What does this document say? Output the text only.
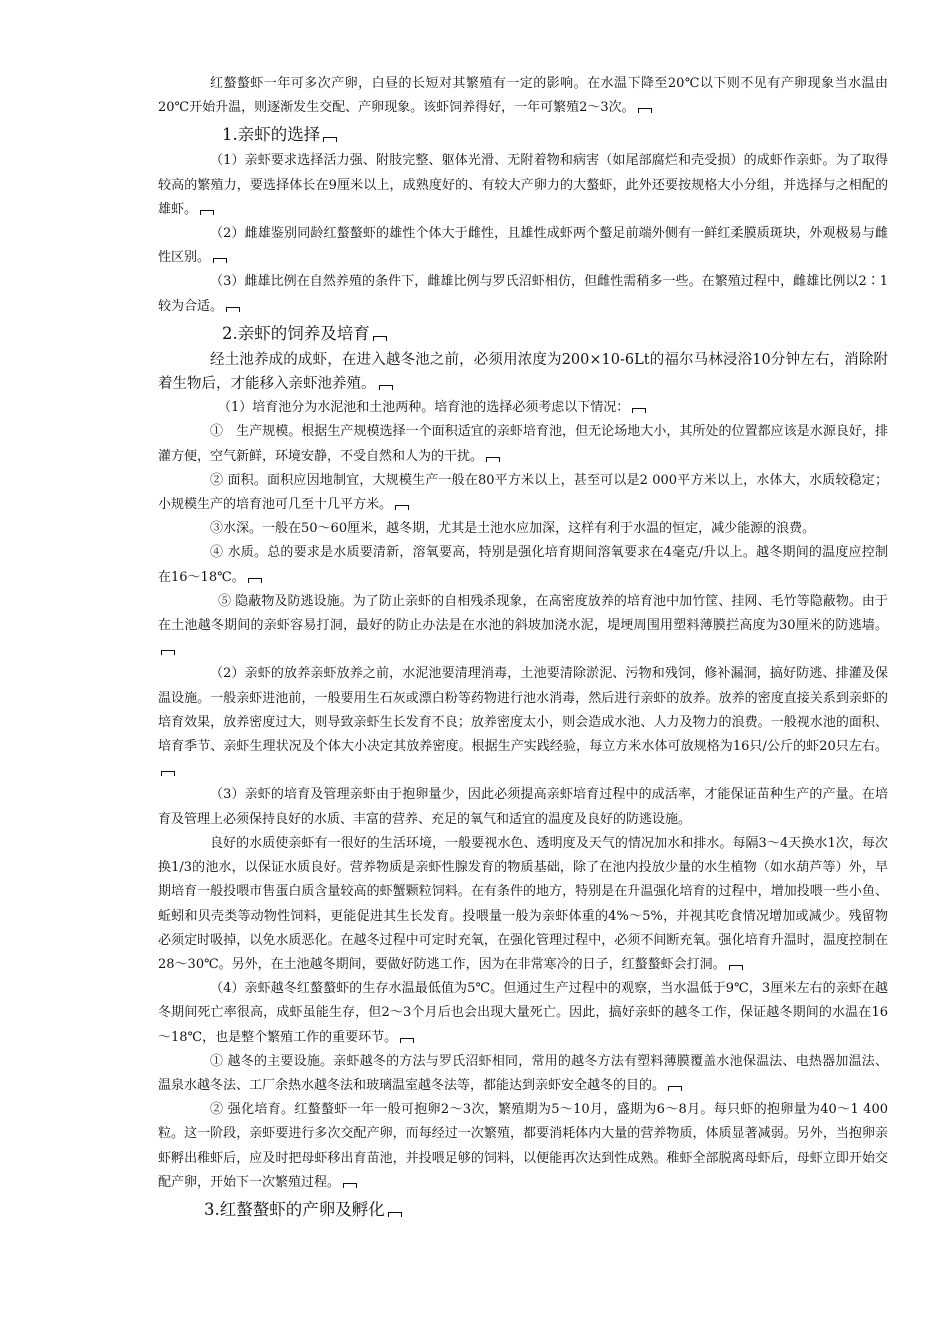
红螯螯虾一年可多次产卵，白昼的长短对其繁殖有一定的影响。在水温下降至20℃以下则不见有产卵现象当水温由20℃开始升温，则逐渐发生交配、产卵现象。该虾饲养得好，一年可繁殖2～3次。

1.亲虾的选择

（1）亲虾要求选择活力强、附肢完整、躯体光滑、无附着物和病害（如尾部腐烂和壳受损）的成虾作亲虾。为了取得较高的繁殖力，要选择体长在9厘米以上，成熟度好的、有较大产卵力的大螯虾，此外还要按规格大小分组，并选择与之相配的雄虾。

（2）雌雄鉴别同龄红螯螯虾的雄性个体大于雌性，且雄性成虾两个螯足前端外侧有一鲜红柔膜质斑块，外观极易与雌性区别。

（3）雌雄比例在自然养殖的条件下，雌雄比例与罗氏沼虾相仿，但雌性需稍多一些。在繁殖过程中，雌雄比例以2∶1较为合适。

2.亲虾的饲养及培育

经土池养成的成虾，在进入越冬池之前，必须用浓度为200×10-6Lt的福尔马林浸浴10分钟左右，消除附着生物后，才能移入亲虾池养殖。

（1）培育池分为水泥池和土池两种。培育池的选择必须考虑以下情况：

①　生产规模。根据生产规模选择一个面积适宜的亲虾培育池，但无论场地大小，其所处的位置都应该是水源良好，排灌方便，空气新鲜，环境安静，不受自然和人为的干扰。

② 面积。面积应因地制宜，大规模生产一般在80平方米以上，甚至可以是2 000平方米以上，水体大，水质较稳定；小规模生产的培育池可几至十几平方米。

③水深。一般在50～60厘米，越冬期，尤其是土池水应加深，这样有利于水温的恒定，减少能源的浪费。

④ 水质。总的要求是水质要清新，溶氧要高，特别是强化培育期间溶氧要求在4毫克/升以上。越冬期间的温度应控制在16～18℃。

⑤ 隐蔽物及防逃设施。为了防止亲虾的自相残杀现象，在高密度放养的培育池中加竹筐、挂网、毛竹等隐蔽物。由于在土池越冬期间的亲虾容易打洞，最好的防止办法是在水池的斜坡加浇水泥，堤埂周围用塑料薄膜拦高度为30厘米的防逃墙。

（2）亲虾的放养亲虾放养之前，水泥池要清理消毒，土池要清除淤泥、污物和残饲，修补漏洞，搞好防逃、排灌及保温设施。一般亲虾进池前，一般要用生石灰或漂白粉等药物进行池水消毒，然后进行亲虾的放养。放养的密度直接关系到亲虾的培育效果，放养密度过大，则导致亲虾生长发育不良；放养密度太小，则会造成水池、人力及物力的浪费。一般视水池的面积、培育季节、亲虾生理状况及个体大小决定其放养密度。根据生产实践经验，每立方米水体可放规格为16只/公斤的虾20只左右。

（3）亲虾的培育及管理亲虾由于抱卵量少，因此必须提高亲虾培育过程中的成活率，才能保证苗种生产的产量。在培育及管理上必须保持良好的水质、丰富的营养、充足的氧气和适宜的温度及良好的防逃设施。

良好的水质使亲虾有一很好的生活环境，一般要视水色、透明度及天气的情况加水和排水。每隔3～4天换水1次，每次换1/3的池水，以保证水质良好。营养物质是亲虾性腺发育的物质基础，除了在池内投放少量的水生植物（如水葫芦等）外，早期培育一般投喂市售蛋白质含量较高的虾蟹颗粒饲料。在有条件的地方，特别是在升温强化培育的过程中，增加投喂一些小鱼、蚯蚓和贝壳类等动物性饲料，更能促进其生长发育。投喂量一般为亲虾体重的4%～5%，并视其吃食情况增加或减少。残留物必须定时吸掉，以免水质恶化。在越冬过程中可定时充氧，在强化管理过程中，必须不间断充氧。强化培育升温时，温度控制在28～30℃。另外，在土池越冬期间，要做好防逃工作，因为在非常寒冷的日子，红螯螯虾会打洞。

（4）亲虾越冬红螯螯虾的生存水温最低值为5℃。但通过生产过程中的观察，当水温低于9℃，3厘米左右的亲虾在越冬期间死亡率很高，成虾虽能生存，但2～3个月后也会出现大量死亡。因此，搞好亲虾的越冬工作，保证越冬期间的水温在16～18℃，也是整个繁殖工作的重要环节。

① 越冬的主要设施。亲虾越冬的方法与罗氏沼虾相同，常用的越冬方法有塑料薄膜覆盖水池保温法、电热器加温法、温泉水越冬法、工厂余热水越冬法和玻璃温室越冬法等，都能达到亲虾安全越冬的目的。

② 强化培育。红螯螯虾一年一般可抱卵2～3次，繁殖期为5～10月，盛期为6～8月。每只虾的抱卵量为40～1 400粒。这一阶段，亲虾要进行多次交配产卵，而每经过一次繁殖，都要消耗体内大量的营养物质，体质显著减弱。另外，当抱卵亲虾孵出稚虾后，应及时把母虾移出育苗池，并投喂足够的饲料，以便能再次达到性成熟。稚虾全部脱离母虾后，母虾立即开始交配产卵，开始下一次繁殖过程。

3.红螯螯虾的产卵及孵化
